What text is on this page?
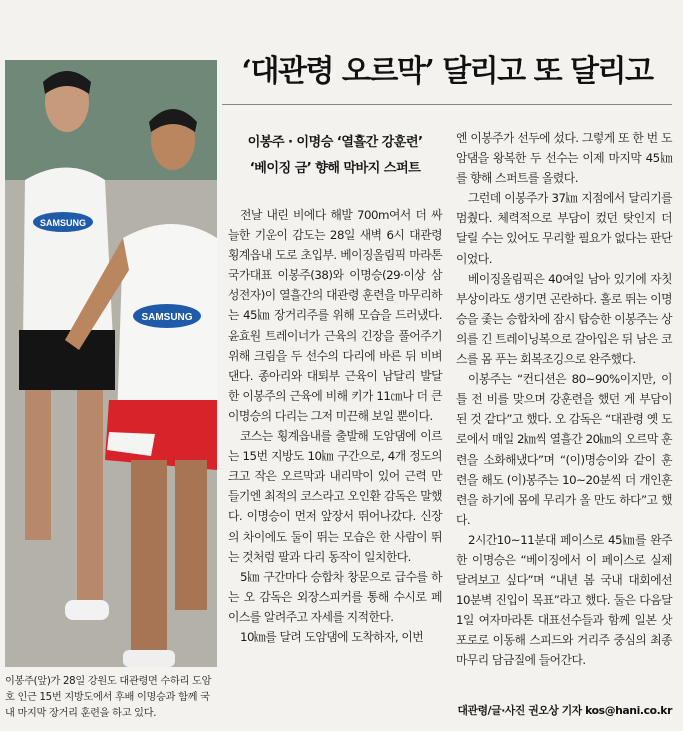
SAMSUNG
SAMSUNG
이봉주(앞)가 28일 강원도 대관령면 수하리 도암호 인근 15번 지방도에서 후배 이명승과 함께 국내 마지막 장거리 훈련을 하고 있다.
‘대관령 오르막’ 달리고 또 달리고
이봉주 · 이명승 ‘열흘간 강훈련’
‘베이징 금’ 향해 막바지 스퍼트

전날 내린 비에다 해발 700m여서 더 싸늘한 기운이 감도는 28일 새벽 6시 대관령 횡계읍내 도로 초입부. 베이징올림픽 마라톤 국가대표 이봉주(38)와 이명승(29·이상 삼성전자)이 열흘간의 대관령 훈련을 마무리하는 45㎞ 장거리주를 위해 모습을 드러냈다. 윤효원 트레이너가 근육의 긴장을 풀어주기 위해 크림을 두 선수의 다리에 바른 뒤 비벼댄다. 종아리와 대퇴부 근육이 남달리 발달한 이봉주의 근육에 비해 키가 11㎝나 더 큰 이명승의 다리는 그저 미끈해 보일 뿐이다.

코스는 횡계읍내를 출발해 도암댐에 이르는 15번 지방도 10㎞ 구간으로, 4개 정도의 크고 작은 오르막과 내리막이 있어 근력 만들기엔 최적의 코스라고 오인환 감독은 말했다. 이명승이 먼저 앞장서 뛰어나갔다. 신장의 차이에도 둘이 뛰는 모습은 한 사람이 뛰는 것처럼 팔과 다리 동작이 일치한다.

5㎞ 구간마다 승합차 창문으로 급수를 하는 오 감독은 외장스피커를 통해 수시로 페이스를 알려주고 자세를 지적한다.

10㎞를 달려 도암댐에 도착하자, 이번

엔 이봉주가 선두에 섰다. 그렇게 또 한 번 도암댐을 왕복한 두 선수는 이제 마지막 45㎞를 향해 스퍼트를 올렸다.

그런데 이봉주가 37㎞ 지점에서 달리기를 멈췄다. 체력적으로 부담이 컸던 탓인지 더 달릴 수는 있어도 무리할 필요가 없다는 판단이었다.

베이징올림픽은 40여일 남아 있기에 자칫 부상이라도 생기면 곤란하다. 홀로 뛰는 이명승을 좇는 승합차에 잠시 탑승한 이봉주는 상의를 긴 트레이닝복으로 갈아입은 뒤 남은 코스를 몸 푸는 회복조깅으로 완주했다.

이봉주는 “컨디션은 80~90%이지만, 이틀 전 비를 맞으며 강훈련을 했던 게 부담이 된 것 같다”고 했다. 오 감독은 “대관령 옛 도로에서 매일 2㎞씩 열흘간 20㎞의 오르막 훈련을 소화해냈다”며 “(이)명승이와 같이 훈련을 해도 (이)봉주는 10~20분씩 더 개인훈련을 하기에 몸에 무리가 올 만도 하다”고 했다.

2시간10~11분대 페이스로 45㎞를 완주한 이명승은 “베이징에서 이 페이스로 실제 달려보고 싶다”며 “내년 봄 국내 대회에선 10분벽 진입이 목표”라고 했다. 둘은 다음달 1일 여자마라톤 대표선수들과 함께 일본 삿포로로 이동해 스피드와 거리주 중심의 최종 마무리 담금질에 들어간다.

대관령/글·사진 권오상 기자 kos@hani.co.kr
